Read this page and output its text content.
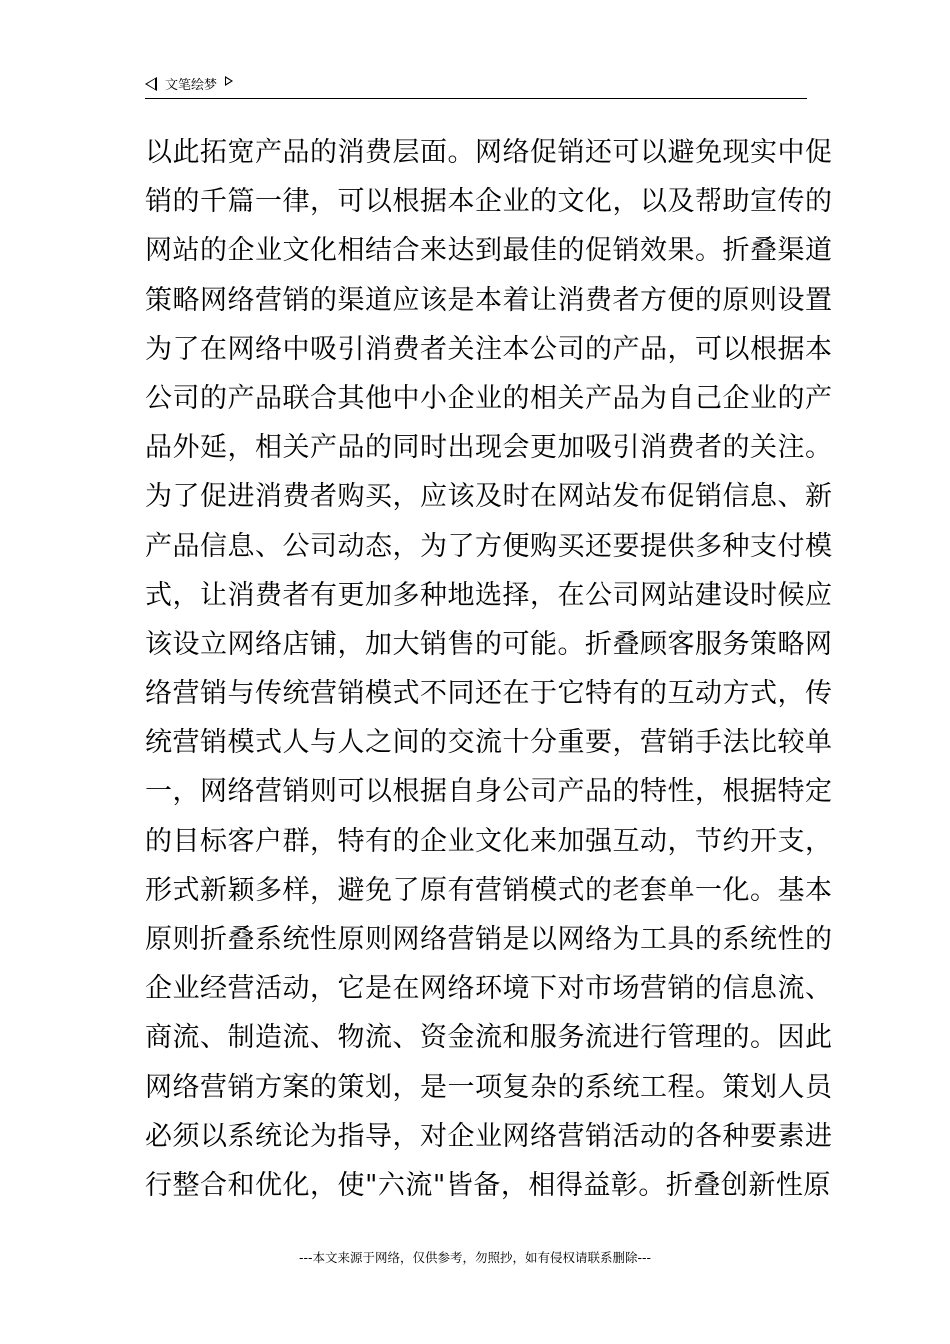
文笔绘梦
以此拓宽产品的消费层面。网络促销还可以避免现实中促
销的千篇一律，可以根据本企业的文化，以及帮助宣传的
网站的企业文化相结合来达到最佳的促销效果。折叠渠道
策略网络营销的渠道应该是本着让消费者方便的原则设置
为了在网络中吸引消费者关注本公司的产品，可以根据本
公司的产品联合其他中小企业的相关产品为自己企业的产
品外延，相关产品的同时出现会更加吸引消费者的关注。
为了促进消费者购买，应该及时在网站发布促销信息、新
产品信息、公司动态，为了方便购买还要提供多种支付模
式，让消费者有更加多种地选择，在公司网站建设时候应
该设立网络店铺，加大销售的可能。折叠顾客服务策略网
络营销与传统营销模式不同还在于它特有的互动方式，传
统营销模式人与人之间的交流十分重要，营销手法比较单
一，网络营销则可以根据自身公司产品的特性，根据特定
的目标客户群，特有的企业文化来加强互动，节约开支，
形式新颖多样，避免了原有营销模式的老套单一化。基本
原则折叠系统性原则网络营销是以网络为工具的系统性的
企业经营活动，它是在网络环境下对市场营销的信息流、
商流、制造流、物流、资金流和服务流进行管理的。因此
网络营销方案的策划，是一项复杂的系统工程。策划人员
必须以系统论为指导，对企业网络营销活动的各种要素进
行整合和优化，使"六流"皆备，相得益彰。折叠创新性原
---本文来源于网络，仅供参考，勿照抄，如有侵权请联系删除---
